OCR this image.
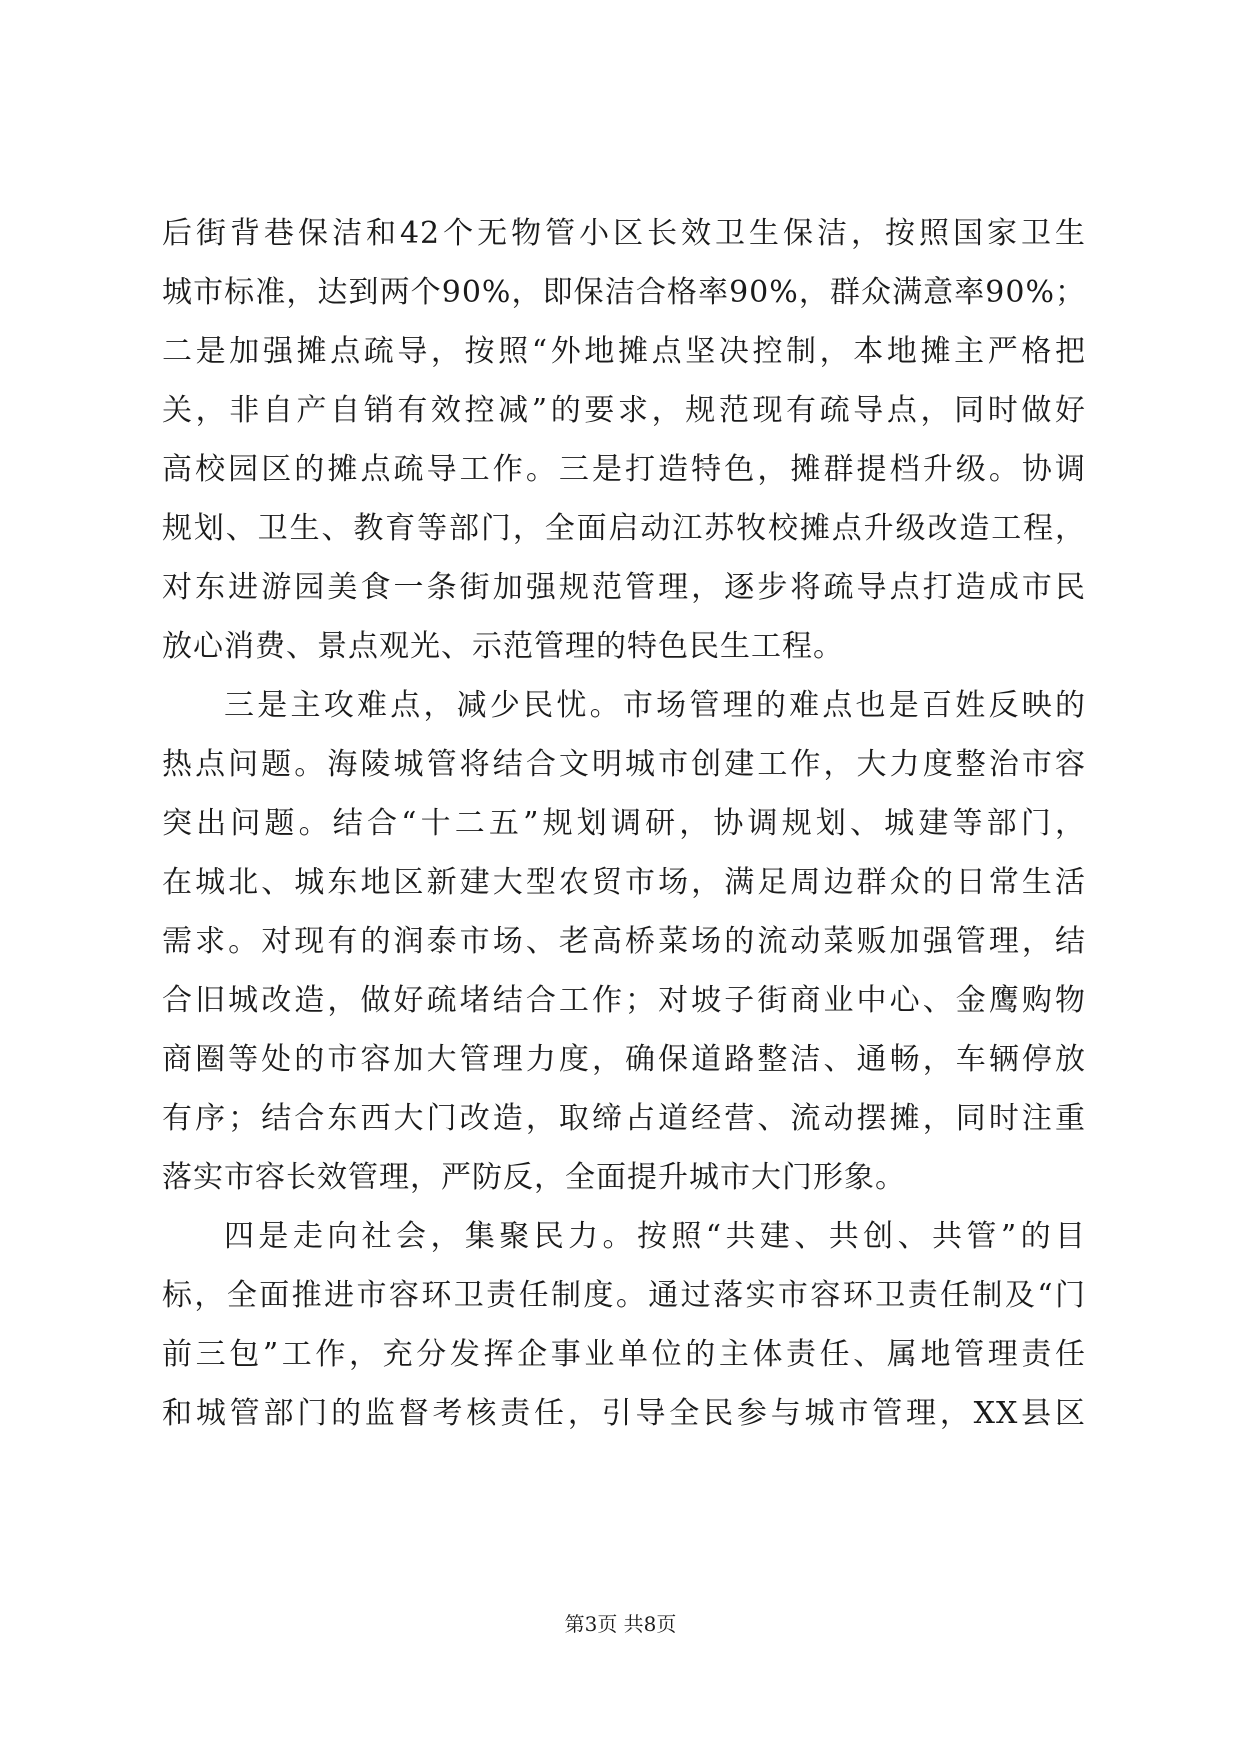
后街背巷保洁和42个无物管小区长效卫生保洁，按照国家卫生
城市标准，达到两个90%，即保洁合格率90%，群众满意率90%；
二是加强摊点疏导，按照“外地摊点坚决控制，本地摊主严格把
关，非自产自销有效控减”的要求，规范现有疏导点，同时做好
高校园区的摊点疏导工作。三是打造特色，摊群提档升级。协调
规划、卫生、教育等部门，全面启动江苏牧校摊点升级改造工程，
对东进游园美食一条街加强规范管理，逐步将疏导点打造成市民
放心消费、景点观光、示范管理的特色民生工程。
三是主攻难点，减少民忧。市场管理的难点也是百姓反映的
热点问题。海陵城管将结合文明城市创建工作，大力度整治市容
突出问题。结合“十二五”规划调研，协调规划、城建等部门，
在城北、城东地区新建大型农贸市场，满足周边群众的日常生活
需求。对现有的润泰市场、老高桥菜场的流动菜贩加强管理，结
合旧城改造，做好疏堵结合工作；对坡子街商业中心、金鹰购物
商圈等处的市容加大管理力度，确保道路整洁、通畅，车辆停放
有序；结合东西大门改造，取缔占道经营、流动摆摊，同时注重
落实市容长效管理，严防反，全面提升城市大门形象。
四是走向社会，集聚民力。按照“共建、共创、共管”的目
标，全面推进市容环卫责任制度。通过落实市容环卫责任制及“门
前三包”工作，充分发挥企事业单位的主体责任、属地管理责任
和城管部门的监督考核责任，引导全民参与城市管理，XX县区
第3页 共8页
